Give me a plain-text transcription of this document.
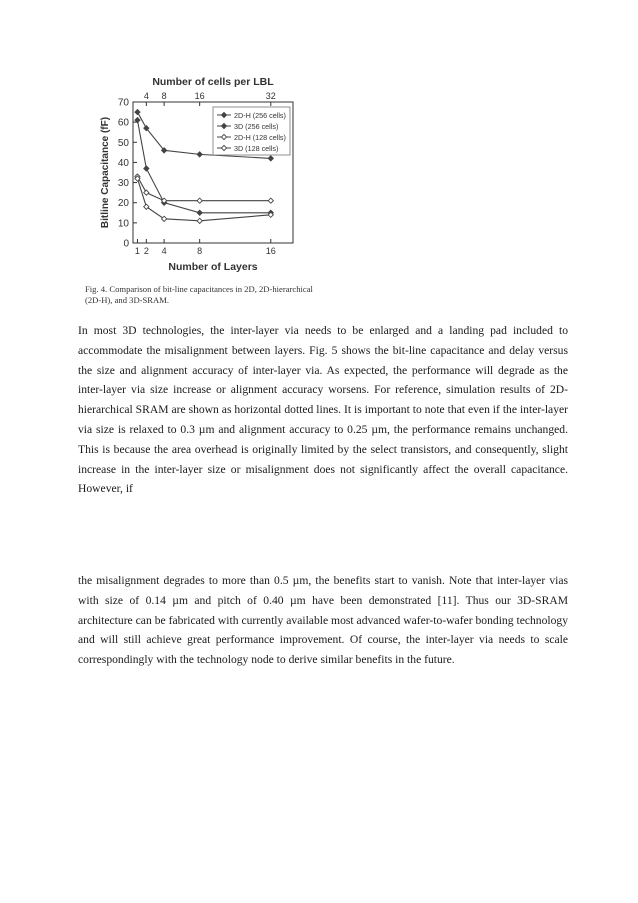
Number of cells per LBL
4 8	16	32
1 2 4	8	16
0
10
20
30
40
50
60
70
Number of Layers
Bitline Capacitance (fF)
2D-H (256 cells)
3D (256 cells)
2D-H (128 cells)
3D (128 cells)
Fig. 4. Comparison of bit-line capacitances in 2D, 2D-hierarchical (2D-H), and 3D-SRAM.

In most 3D technologies, the inter-layer via needs to be enlarged and a landing pad included to accommodate the misalignment between layers. Fig. 5 shows the bit-line capacitance and delay versus the size and alignment accuracy of inter-layer via. As expected, the performance will degrade as the inter-layer via size increase or alignment accuracy worsens. For reference, simulation results of 2D-hierarchical SRAM are shown as horizontal dotted lines. It is important to note that even if the inter-layer via size is relaxed to 0.3 µm and alignment accuracy to 0.25 µm, the performance remains unchanged. This is because the area overhead is originally limited by the select transistors, and consequently, slight increase in the inter-layer size or misalignment does not significantly affect the overall capacitance. However, if

the misalignment degrades to more than 0.5 µm, the benefits start to vanish. Note that inter-layer vias with size of 0.14 µm and pitch of 0.40 µm have been demonstrated [11]. Thus our 3D-SRAM architecture can be fabricated with currently available most advanced wafer-to-wafer bonding technology and will still achieve great performance improvement. Of course, the inter-layer via needs to scale correspondingly with the technology node to derive similar benefits in the future.
